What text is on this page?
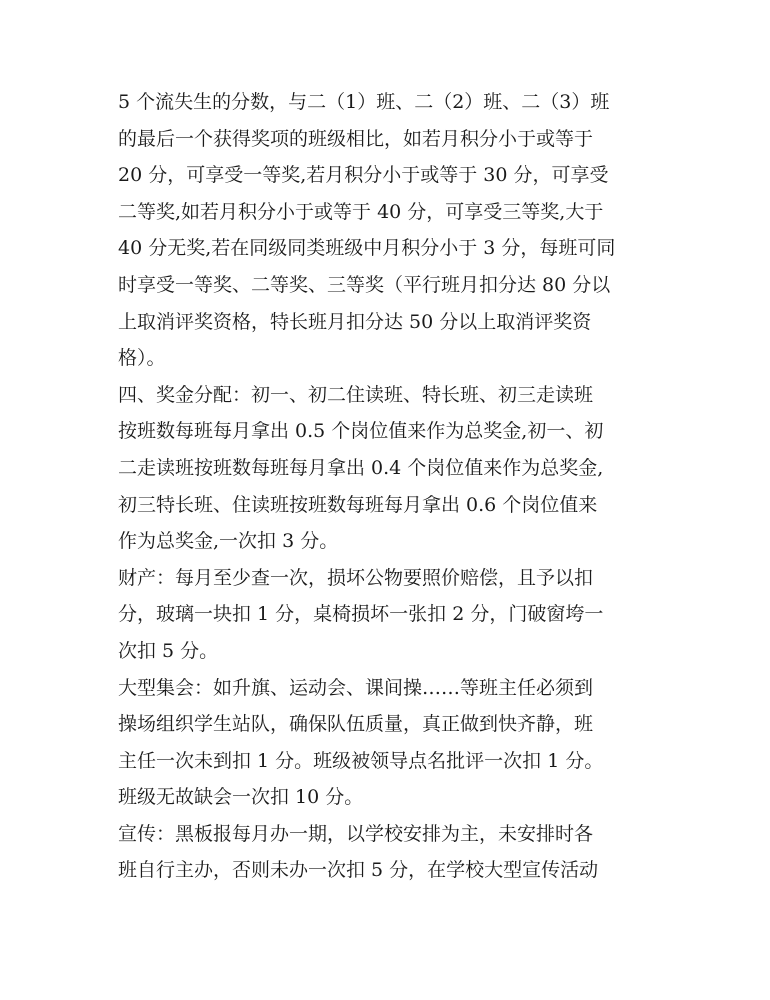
5 个流失生的分数，与二（1）班、二（2）班、二（3）班
的最后一个获得奖项的班级相比，如若月积分小于或等于
20 分，可享受一等奖,若月积分小于或等于 30 分，可享受
二等奖,如若月积分小于或等于 40 分，可享受三等奖,大于
40 分无奖,若在同级同类班级中月积分小于 3 分，每班可同
时享受一等奖、二等奖、三等奖（平行班月扣分达 80 分以
上取消评奖资格，特长班月扣分达 50 分以上取消评奖资
格）。
四、奖金分配：初一、初二住读班、特长班、初三走读班
按班数每班每月拿出 0.5 个岗位值来作为总奖金,初一、初
二走读班按班数每班每月拿出 0.4 个岗位值来作为总奖金,
初三特长班、住读班按班数每班每月拿出 0.6 个岗位值来
作为总奖金,一次扣 3 分。
财产：每月至少查一次，损坏公物要照价赔偿，且予以扣
分，玻璃一块扣 1 分，桌椅损坏一张扣 2 分，门破窗垮一
次扣 5 分。
大型集会：如升旗、运动会、课间操……等班主任必须到
操场组织学生站队，确保队伍质量，真正做到快齐静，班
主任一次未到扣 1 分。班级被领导点名批评一次扣 1 分。
班级无故缺会一次扣 10 分。
宣传：黑板报每月办一期，以学校安排为主，未安排时各
班自行主办，否则未办一次扣 5 分，在学校大型宣传活动
